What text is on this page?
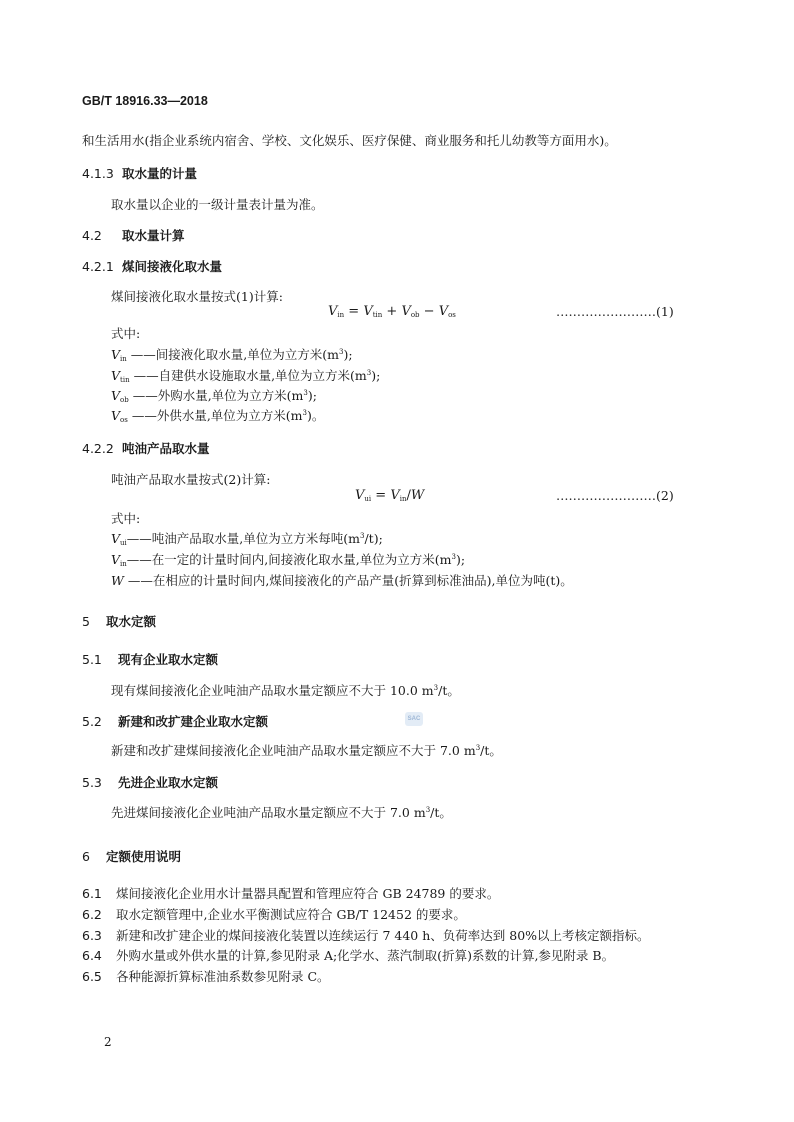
GB/T 18916.33—2018
和生活用水(指企业系统内宿舍、学校、文化娱乐、医疗保健、商业服务和托儿幼教等方面用水)。
4.1.3 取水量的计量
取水量以企业的一级计量表计量为准。
4.2 取水量计算
4.2.1 煤间接液化取水量
煤间接液化取水量按式(1)计算:
$V_{in} = V_{tin} + V_{ob} - V_{os}$	……………………(1)
式中:
$V_{in}$ ——间接液化取水量,单位为立方米$(m^3)$;
$V_{tin}$ ——自建供水设施取水量,单位为立方米$(m^3)$;
$V_{ob}$ ——外购水量,单位为立方米$(m^3)$;
$V_{os}$ ——外供水量,单位为立方米$(m^3)$。
4.2.2 吨油产品取水量
吨油产品取水量按式(2)计算:
$V_{ui} = V_{in}/W$	……………………(2)
式中:
$V_{ui}——$吨油产品取水量,单位为立方米每吨$(m^3/t)$;
$V_{in}——$在一定的计量时间内,间接液化取水量,单位为立方米$(m^3)$;
W ——在相应的计量时间内,煤间接液化的产品产量(折算到标准油品),单位为吨(t)。
5 取水定额
5.1 现有企业取水定额
现有煤间接液化企业吨油产品取水量定额应不大于 10.0 $m^3/t$。
5.2 新建和改扩建企业取水定额	SAC
新建和改扩建煤间接液化企业吨油产品取水量定额应不大于 7.0 $m^3/t$。
5.3 先进企业取水定额
先进煤间接液化企业吨油产品取水量定额应不大于 7.0 $m^3/t$。
6 定额使用说明
6.1 煤间接液化企业用水计量器具配置和管理应符合 GB 24789 的要求。
6.2 取水定额管理中,企业水平衡测试应符合 GB/T 12452 的要求。
6.3 新建和改扩建企业的煤间接液化装置以连续运行 7 440 h、负荷率达到 80%以上考核定额指标。
6.4 外购水量或外供水量的计算,参见附录 A;化学水、蒸汽制取(折算)系数的计算,参见附录 B。
6.5 各种能源折算标准油系数参见附录 C。
2
